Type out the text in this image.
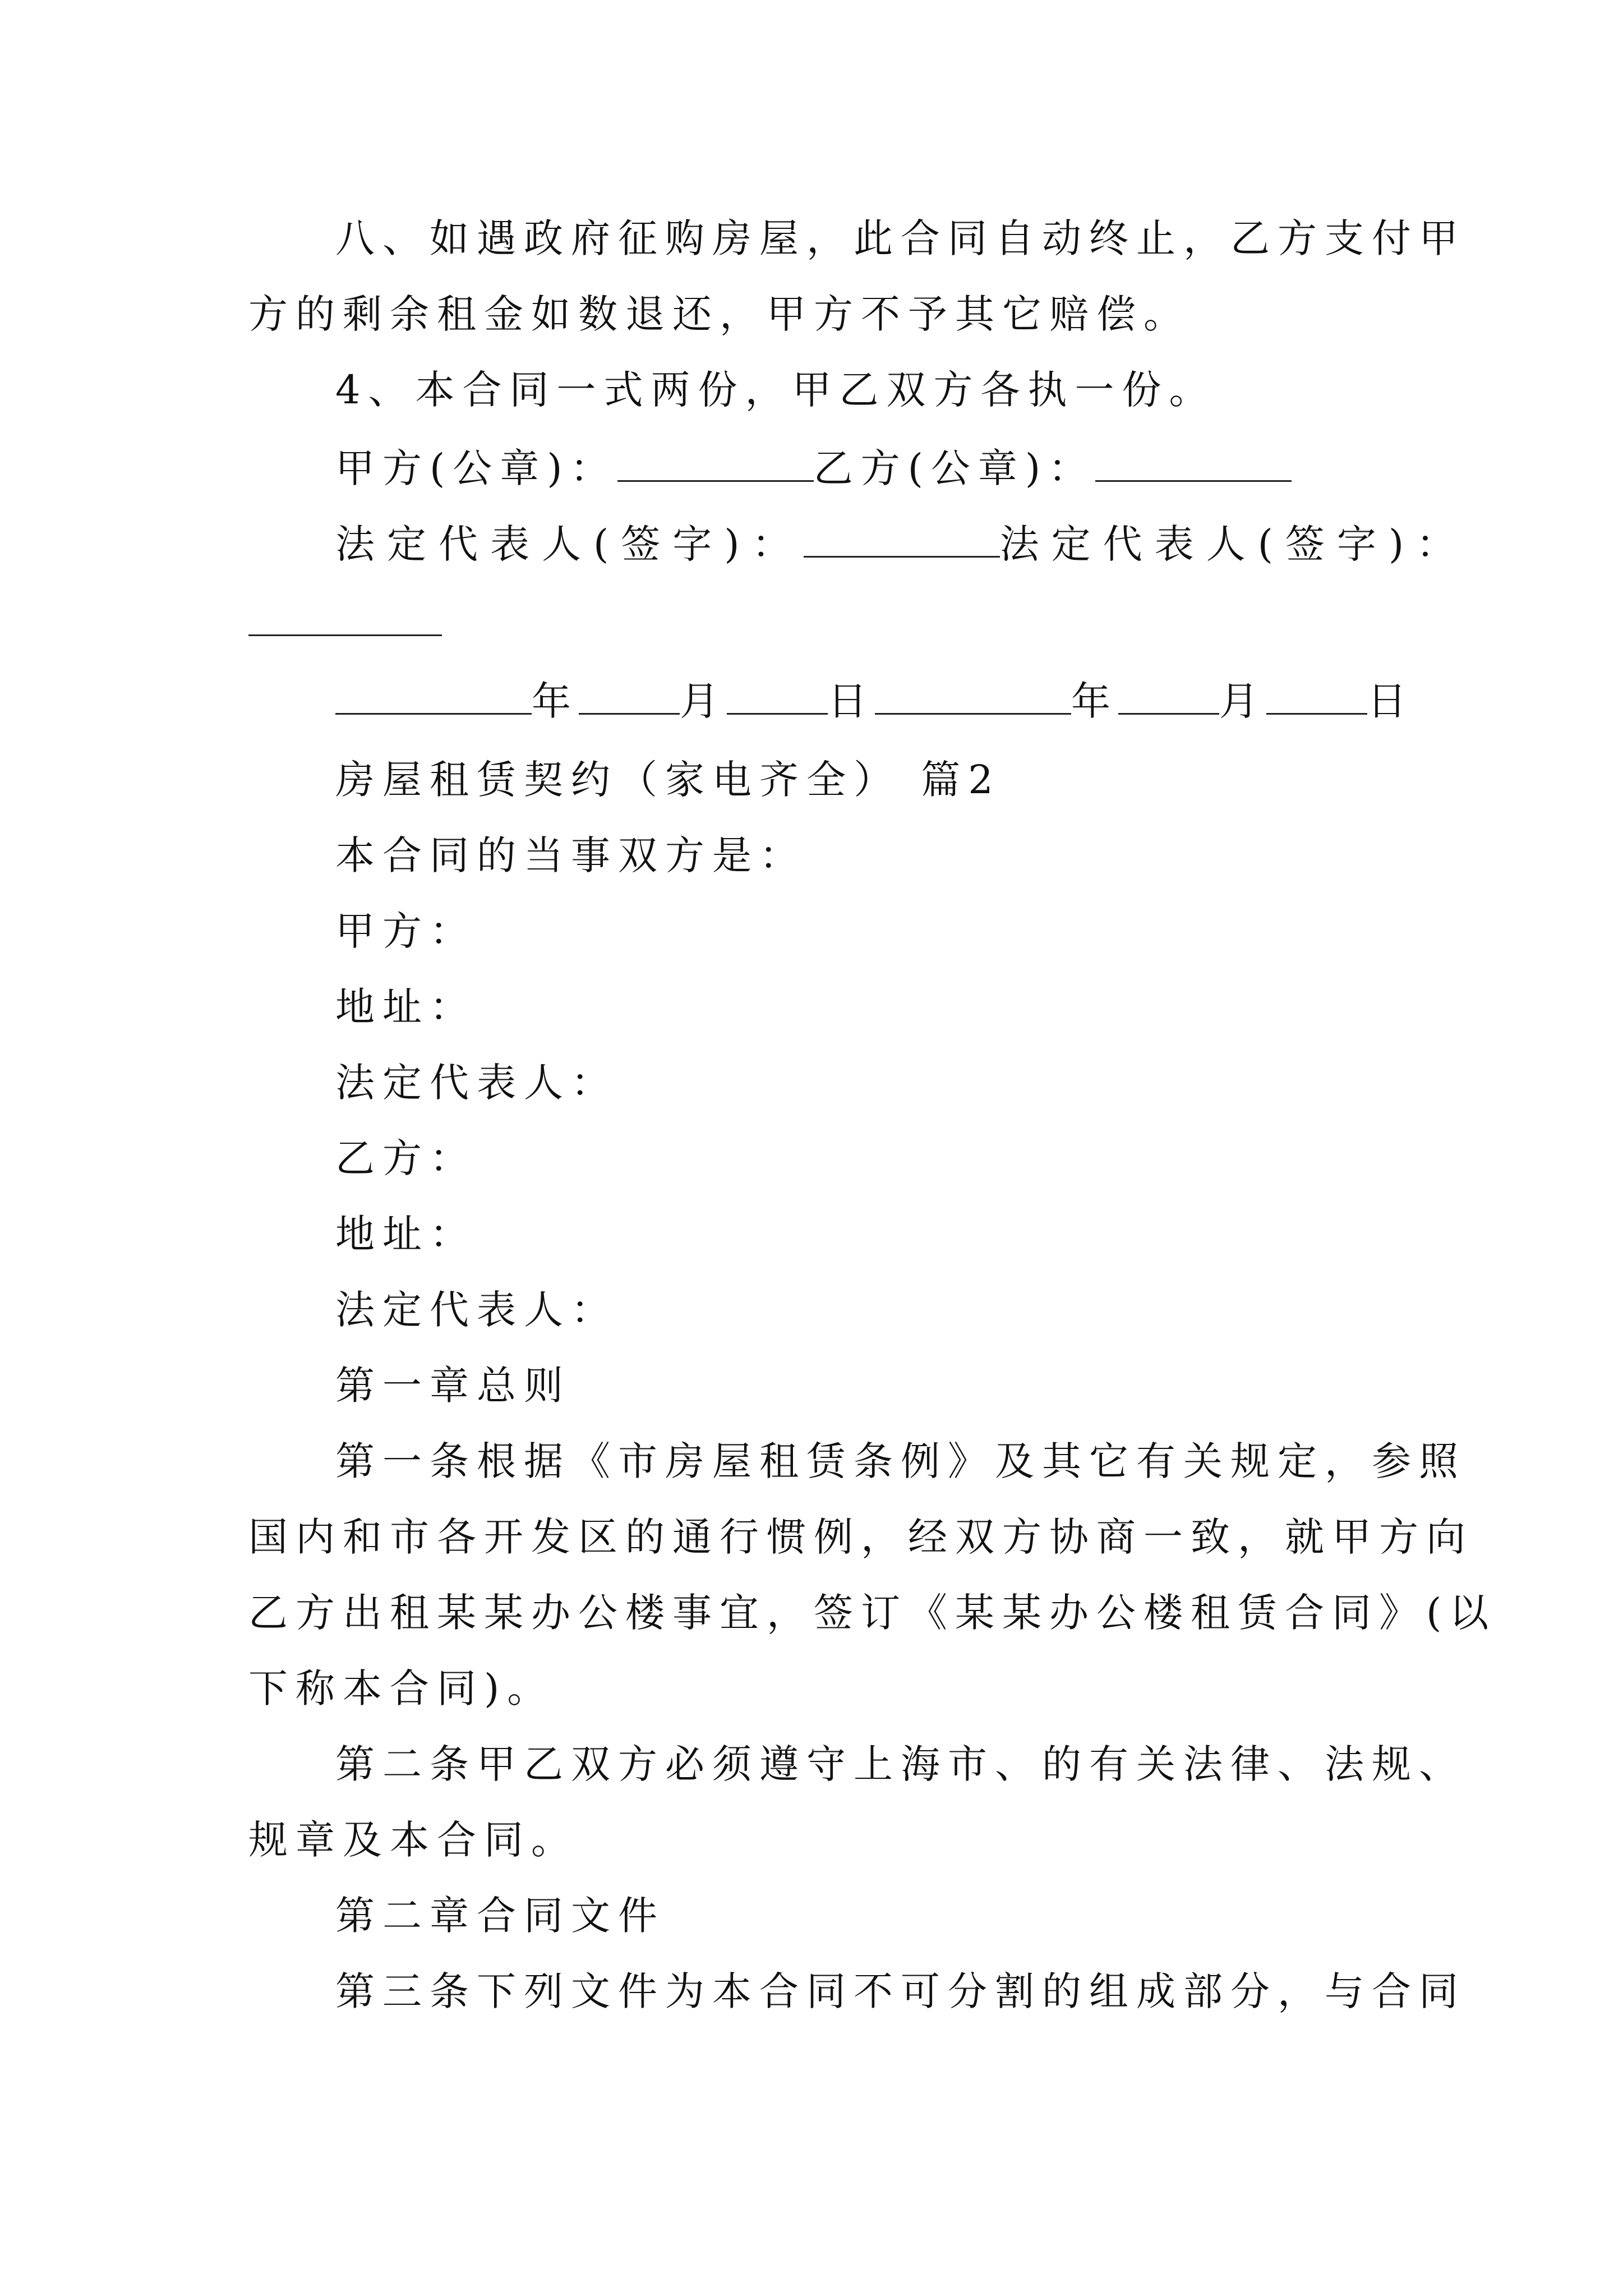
八、如遇政府征购房屋，此合同自动终止，乙方支付甲
方的剩余租金如数退还，甲方不予其它赔偿。
4、本合同一式两份，甲乙双方各执一份。
甲方(公章)：	乙方(公章)：
法定代表人(签字)：	法定代表人(签字)：
年	月	日	年	月	日
房屋租赁契约（家电齐全） 篇2
本合同的当事双方是：
甲方：
地址：
法定代表人：
乙方：
地址：
法定代表人：
第一章总则
第一条根据《市房屋租赁条例》及其它有关规定，参照
国内和市各开发区的通行惯例，经双方协商一致，就甲方向
乙方出租某某办公楼事宜，签订《某某办公楼租赁合同》(以
下称本合同)。
第二条甲乙双方必须遵守上海市、的有关法律、法规、
规章及本合同。
第二章合同文件
第三条下列文件为本合同不可分割的组成部分，与合同
